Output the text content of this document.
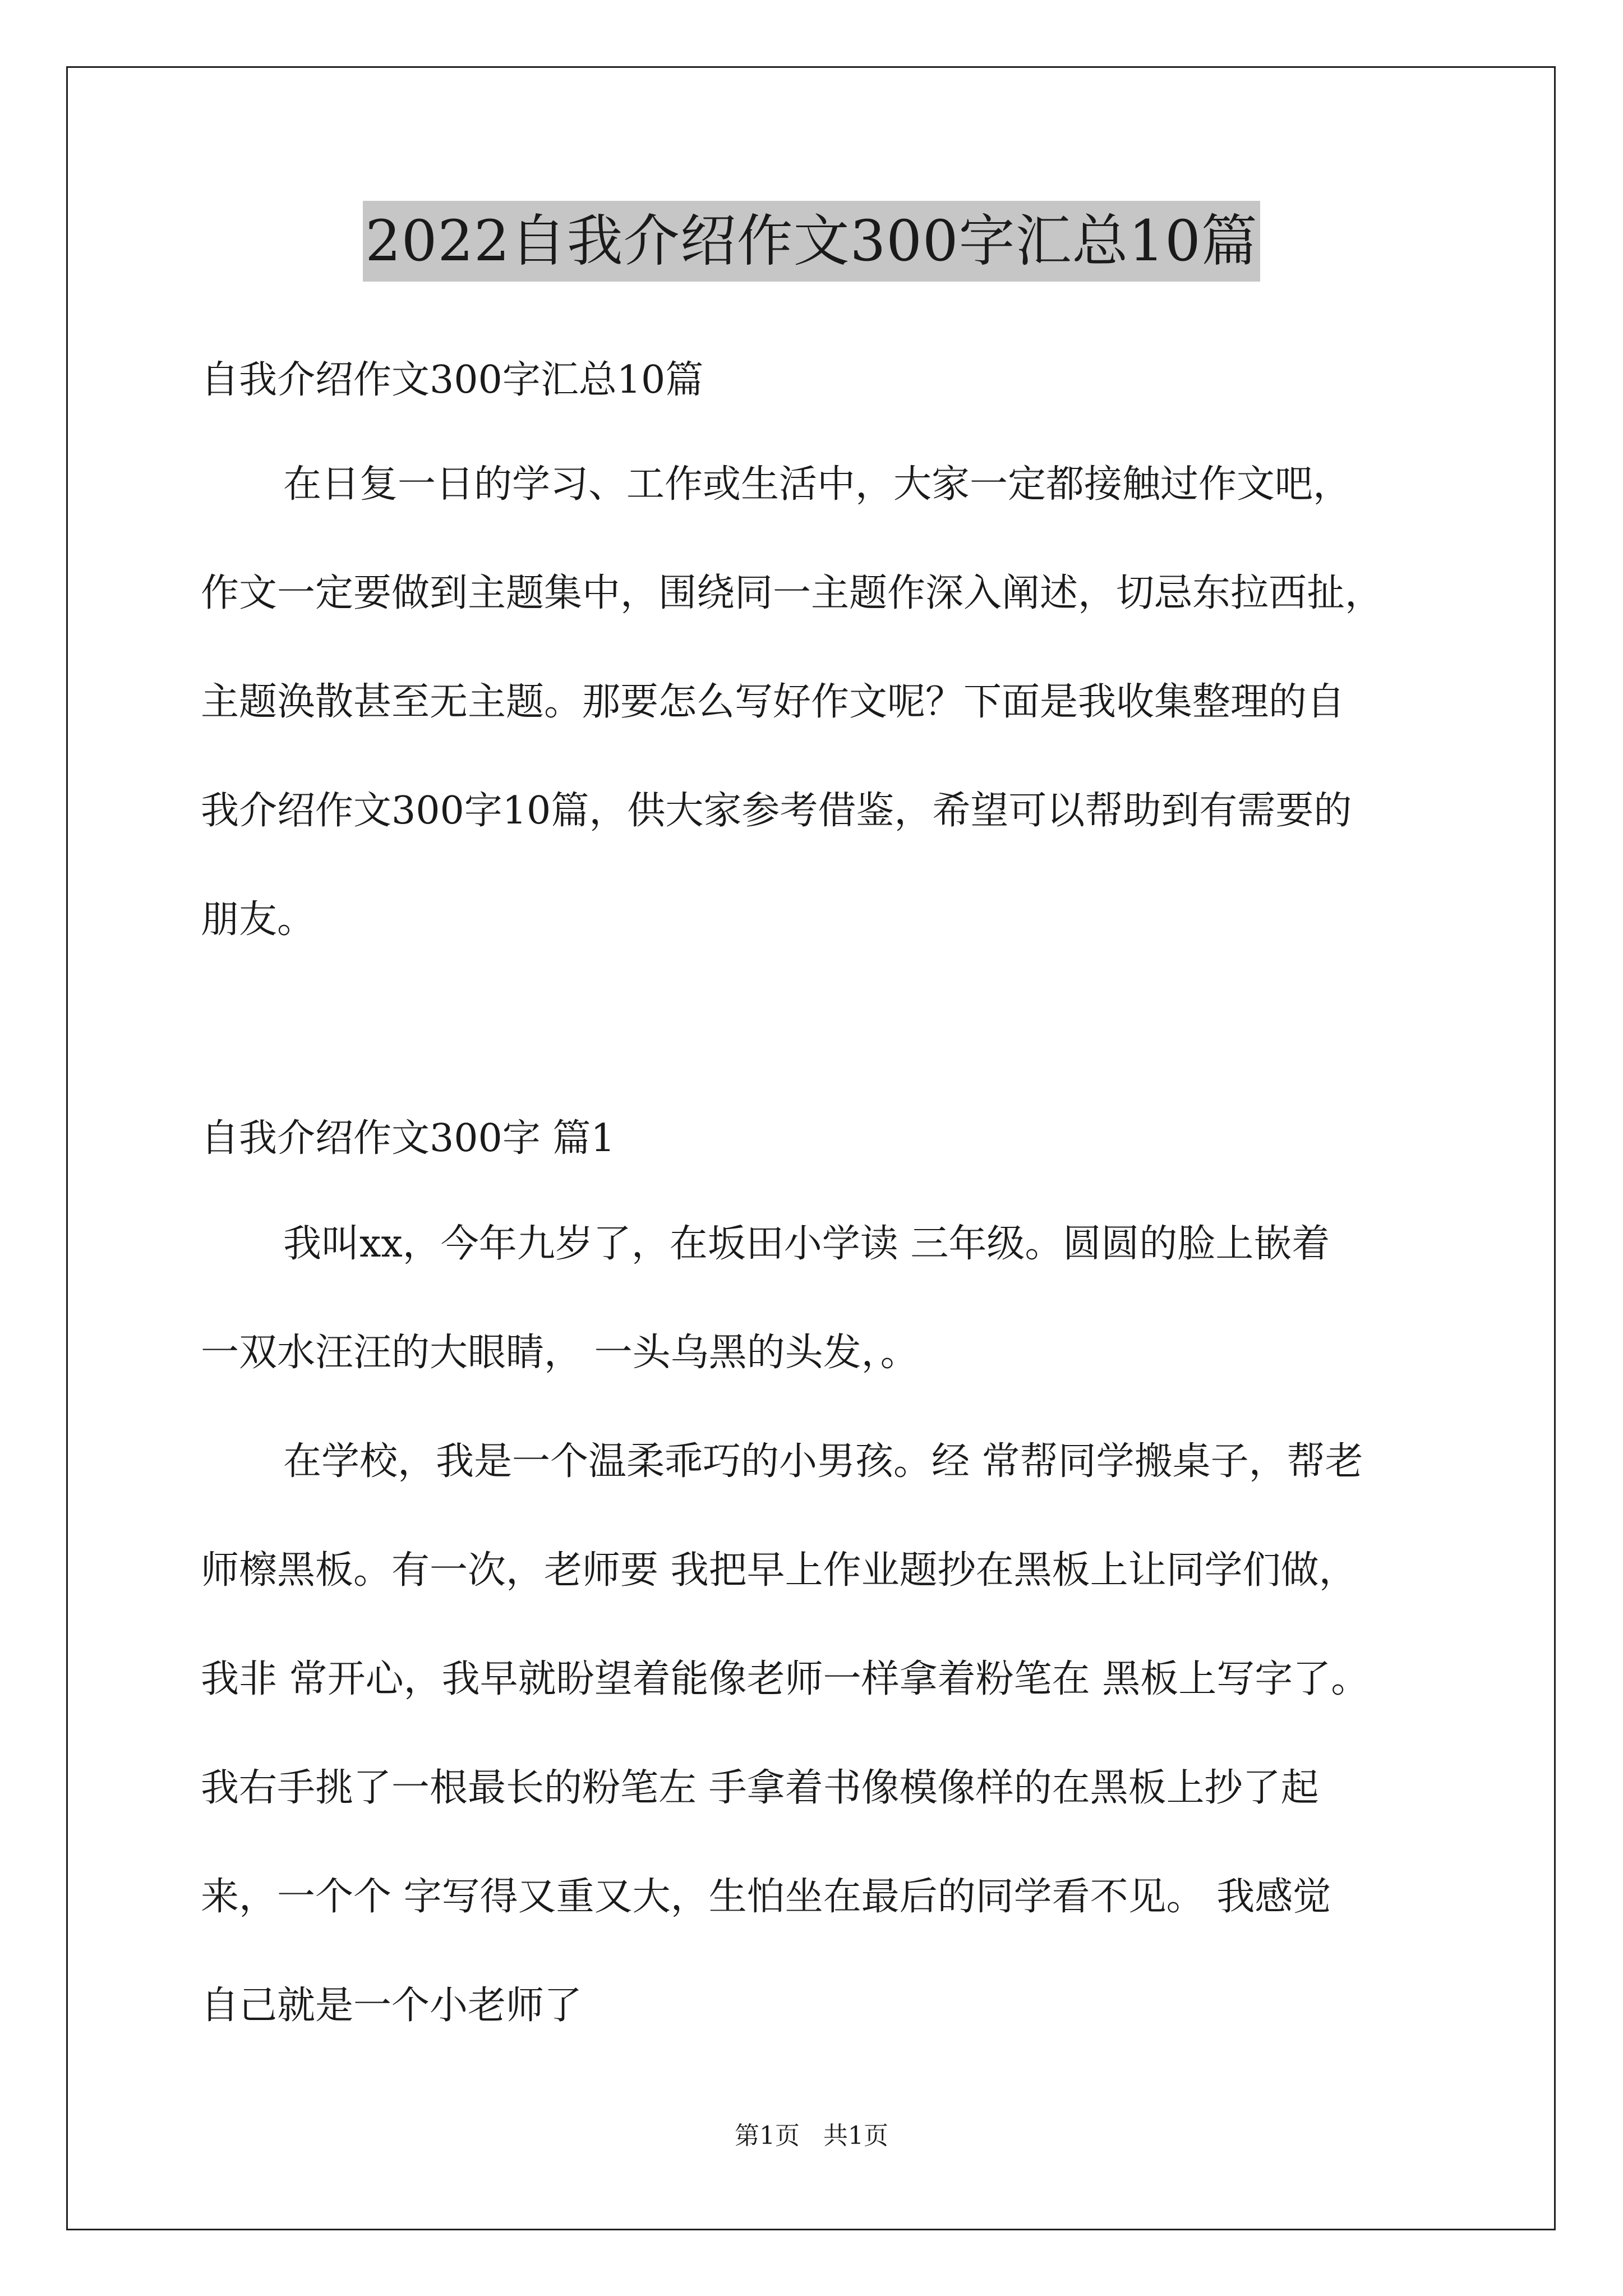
2022自我介绍作文300字汇总10篇
自我介绍作文300字汇总10篇
在日复一日的学习、工作或生活中，大家一定都接触过作文吧，
作文一定要做到主题集中，围绕同一主题作深入阐述，切忌东拉西扯，
主题涣散甚至无主题。那要怎么写好作文呢？下面是我收集整理的自
我介绍作文300字10篇，供大家参考借鉴，希望可以帮助到有需要的
朋友。
自我介绍作文300字 篇1
我叫xx，今年九岁了，在坂田小学读 三年级。圆圆的脸上嵌着
一双水汪汪的大眼睛， 一头乌黑的头发，。
在学校，我是一个温柔乖巧的小男孩。经 常帮同学搬桌子，帮老
师檫黑板。有一次，老师要 我把早上作业题抄在黑板上让同学们做，
我非 常开心，我早就盼望着能像老师一样拿着粉笔在 黑板上写字了。
我右手挑了一根最长的粉笔左 手拿着书像模像样的在黑板上抄了起
来，一个个 字写得又重又大，生怕坐在最后的同学看不见。 我感觉
自己就是一个小老师了
第1页   共1页
